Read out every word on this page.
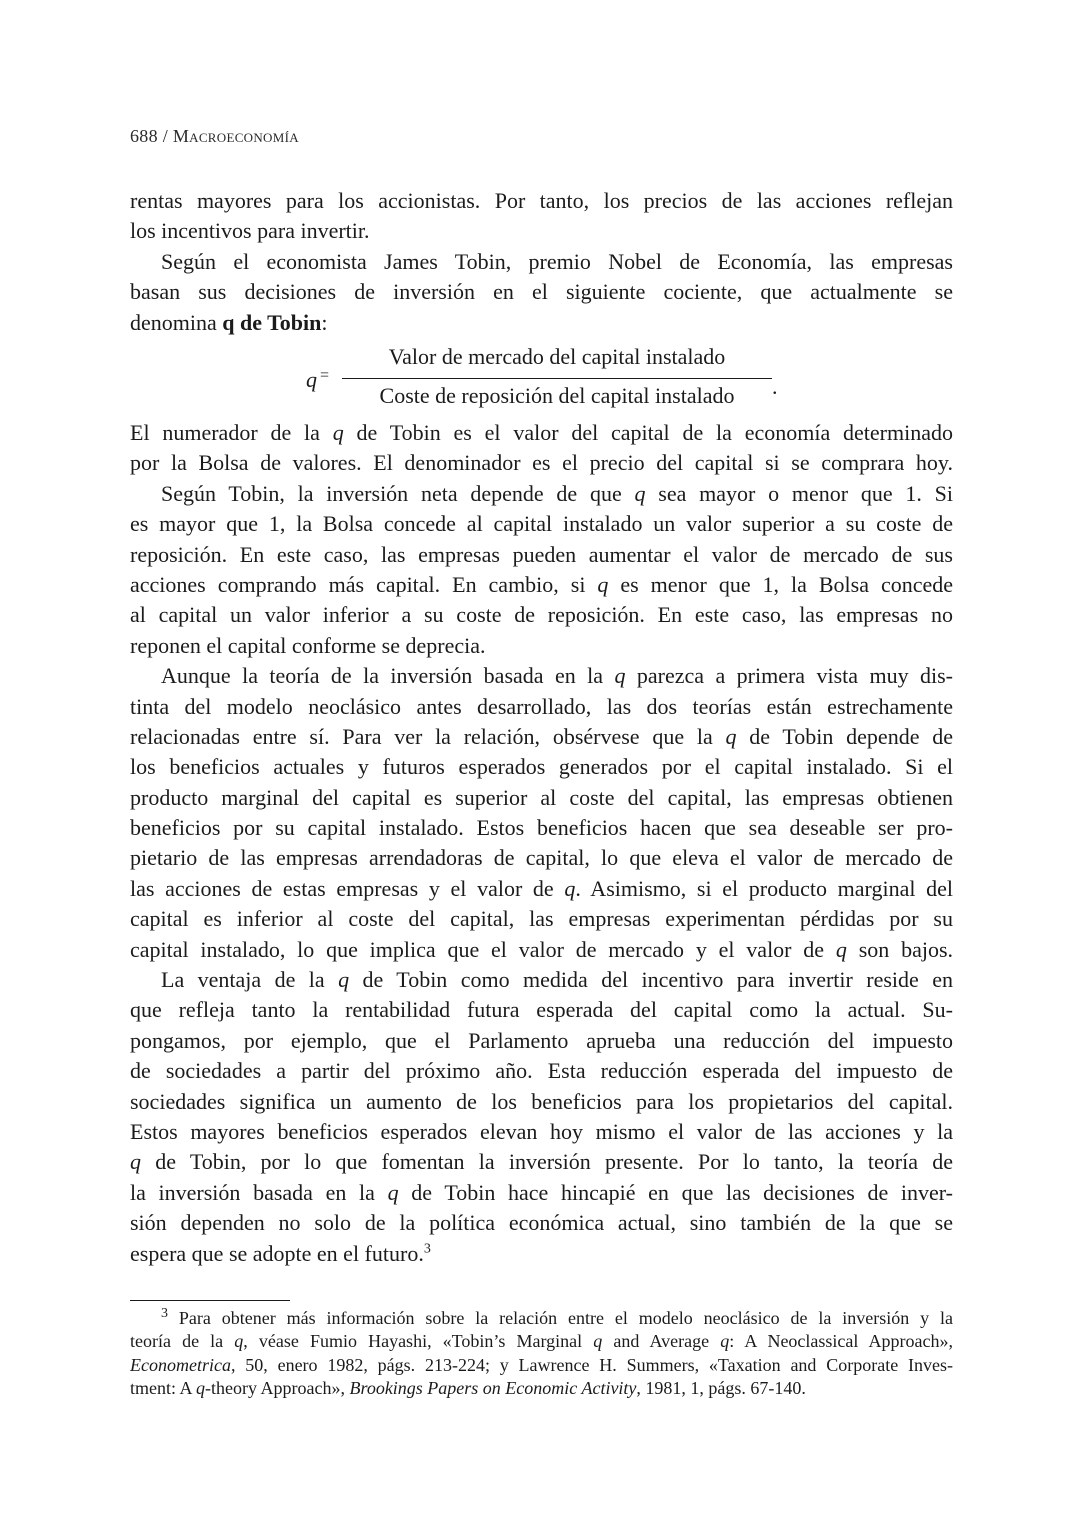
688 / Macroeconomía
rentas mayores para los accionistas. Por tanto, los precios de las acciones reflejan
los incentivos para invertir.
Según el economista James Tobin, premio Nobel de Economía, las empresas
basan sus decisiones de inversión en el siguiente cociente, que actualmente se
denomina q de Tobin:
q =
Valor de mercado del capital instalado
Coste de reposición del capital instalado	.
El numerador de la q de Tobin es el valor del capital de la economía determinado
por la Bolsa de valores. El denominador es el precio del capital si se comprara hoy.
Según Tobin, la inversión neta depende de que q sea mayor o menor que 1. Si
es mayor que 1, la Bolsa concede al capital instalado un valor superior a su coste de
reposición. En este caso, las empresas pueden aumentar el valor de mercado de sus
acciones comprando más capital. En cambio, si q es menor que 1, la Bolsa concede
al capital un valor inferior a su coste de reposición. En este caso, las empresas no
reponen el capital conforme se deprecia.
Aunque la teoría de la inversión basada en la q parezca a primera vista muy dis-
tinta del modelo neoclásico antes desarrollado, las dos teorías están estrechamente
relacionadas entre sí. Para ver la relación, obsérvese que la q de Tobin depende de
los beneficios actuales y futuros esperados generados por el capital instalado. Si el
producto marginal del capital es superior al coste del capital, las empresas obtienen
beneficios por su capital instalado. Estos beneficios hacen que sea deseable ser pro-
pietario de las empresas arrendadoras de capital, lo que eleva el valor de mercado de
las acciones de estas empresas y el valor de q. Asimismo, si el producto marginal del
capital es inferior al coste del capital, las empresas experimentan pérdidas por su
capital instalado, lo que implica que el valor de mercado y el valor de q son bajos.
La ventaja de la q de Tobin como medida del incentivo para invertir reside en
que refleja tanto la rentabilidad futura esperada del capital como la actual. Su-
pongamos, por ejemplo, que el Parlamento aprueba una reducción del impuesto
de sociedades a partir del próximo año. Esta reducción esperada del impuesto de
sociedades significa un aumento de los beneficios para los propietarios del capital.
Estos mayores beneficios esperados elevan hoy mismo el valor de las acciones y la
q de Tobin, por lo que fomentan la inversión presente. Por lo tanto, la teoría de
la inversión basada en la q de Tobin hace hincapié en que las decisiones de inver-
sión dependen no solo de la política económica actual, sino también de la que se
espera que se adopte en el futuro.$^3$
$^3$ Para obtener más información sobre la relación entre el modelo neoclásico de la inversión y la
teoría de la q, véase Fumio Hayashi, «Tobin’s Marginal q and Average q: A Neoclassical Approach»,
Econometrica, 50, enero 1982, págs. 213-224; y Lawrence H. Summers, «Taxation and Corporate Inves-
tment: A q-theory Approach», Brookings Papers on Economic Activity, 1981, 1, págs. 67-140.
